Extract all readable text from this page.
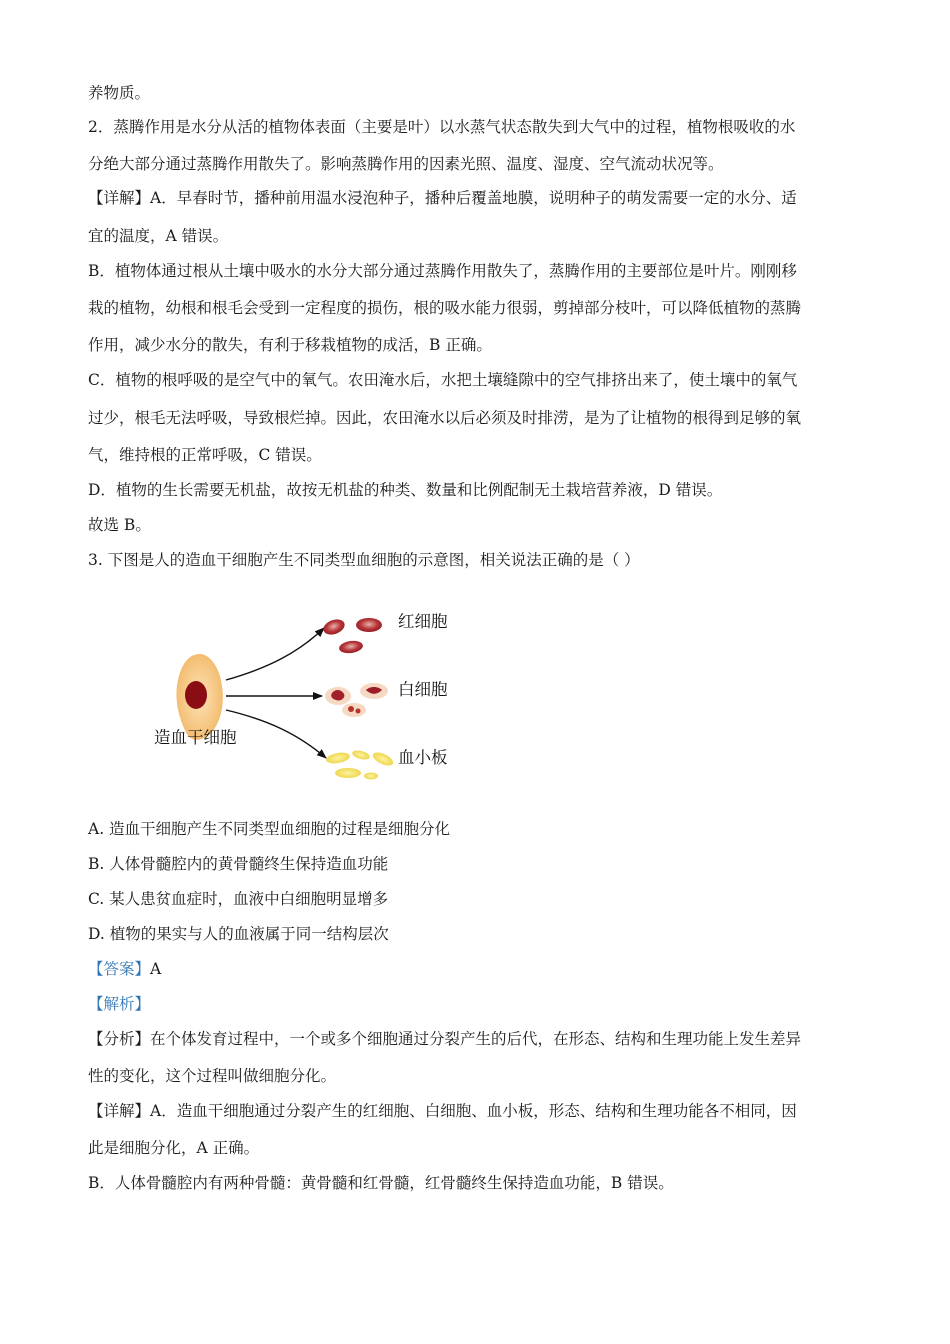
养物质。

2．蒸腾作用是水分从活的植物体表面（主要是叶）以水蒸气状态散失到大气中的过程，植物根吸收的水

分绝大部分通过蒸腾作用散失了。影响蒸腾作用的因素光照、温度、湿度、空气流动状况等。

【详解】A．早春时节，播种前用温水浸泡种子，播种后覆盖地膜，说明种子的萌发需要一定的水分、适

宜的温度，A 错误。

B．植物体通过根从土壤中吸水的水分大部分通过蒸腾作用散失了，蒸腾作用的主要部位是叶片。刚刚移

栽的植物，幼根和根毛会受到一定程度的损伤，根的吸水能力很弱，剪掉部分枝叶，可以降低植物的蒸腾

作用，减少水分的散失，有利于移栽植物的成活，B 正确。

C．植物的根呼吸的是空气中的氧气。农田淹水后，水把土壤缝隙中的空气排挤出来了，使土壤中的氧气

过少，根毛无法呼吸，导致根烂掉。因此，农田淹水以后必须及时排涝，是为了让植物的根得到足够的氧

气，维持根的正常呼吸，C 错误。

D．植物的生长需要无机盐，故按无机盐的种类、数量和比例配制无土栽培营养液，D 错误。

故选 B。

3. 下图是人的造血干细胞产生不同类型血细胞的示意图，相关说法正确的是（ ）

红细胞
白细胞
血小板
造血干细胞

A. 造血干细胞产生不同类型血细胞的过程是细胞分化

B. 人体骨髓腔内的黄骨髓终生保持造血功能

C. 某人患贫血症时，血液中白细胞明显增多

D. 植物的果实与人的血液属于同一结构层次

【答案】A

【解析】

【分析】在个体发育过程中，一个或多个细胞通过分裂产生的后代，在形态、结构和生理功能上发生差异

性的变化，这个过程叫做细胞分化。

【详解】A．造血干细胞通过分裂产生的红细胞、白细胞、血小板，形态、结构和生理功能各不相同，因

此是细胞分化，A 正确。

B．人体骨髓腔内有两种骨髓：黄骨髓和红骨髓，红骨髓终生保持造血功能，B 错误。
